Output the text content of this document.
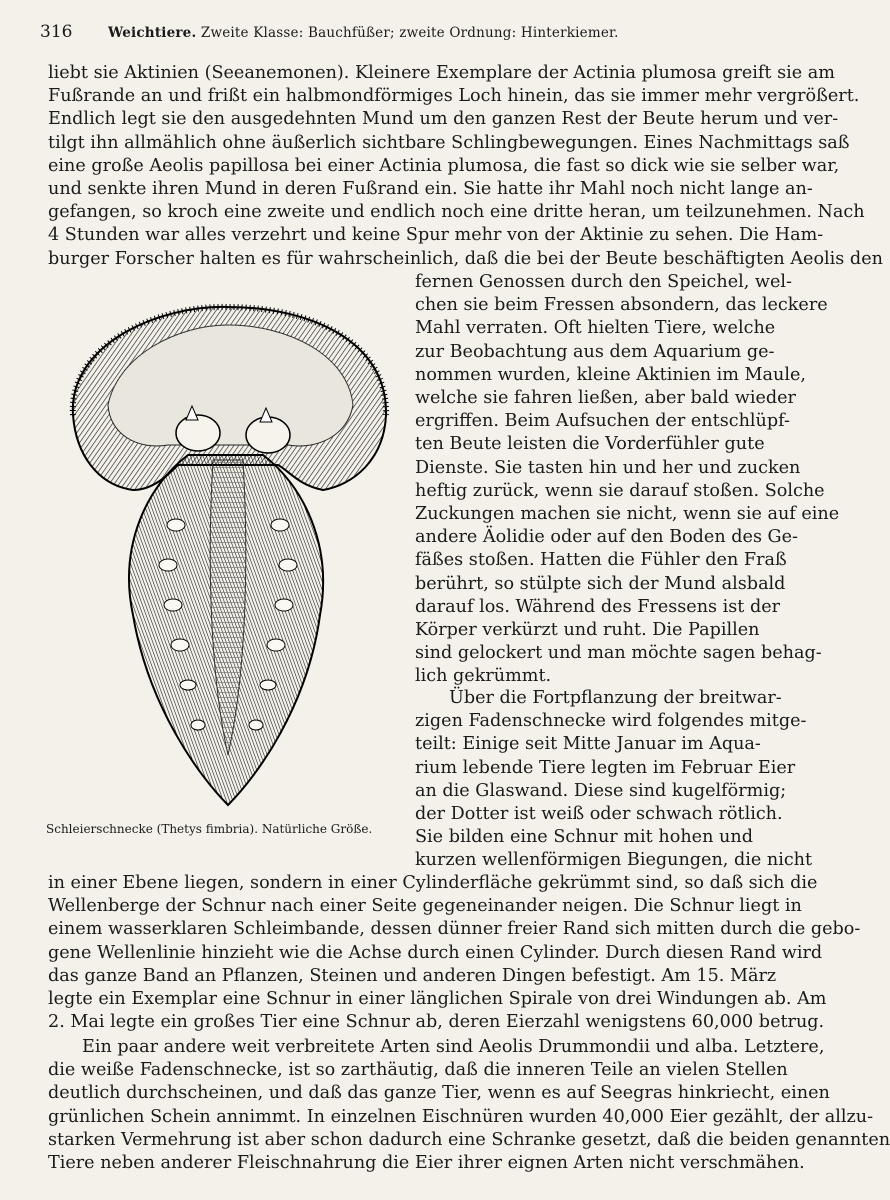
316	Weichtiere. Zweite Klasse: Bauchfüßer; zweite Ordnung: Hinterkiemer.
liebt sie Aktinien (Seeanemonen). Kleinere Exemplare der Actinia plumosa greift sie am
Fußrande an und frißt ein halbmondförmiges Loch hinein, das sie immer mehr vergrößert.
Endlich legt sie den ausgedehnten Mund um den ganzen Rest der Beute herum und ver-
tilgt ihn allmählich ohne äußerlich sichtbare Schlingbewegungen. Eines Nachmittags saß
eine große Aeolis papillosa bei einer Actinia plumosa, die fast so dick wie sie selber war,
und senkte ihren Mund in deren Fußrand ein. Sie hatte ihr Mahl noch nicht lange an-
gefangen, so kroch eine zweite und endlich noch eine dritte heran, um teilzunehmen. Nach
4 Stunden war alles verzehrt und keine Spur mehr von der Aktinie zu sehen. Die Ham-
burger Forscher halten es für wahrscheinlich, daß die bei der Beute beschäftigten Aeolis den
fernen Genossen durch den Speichel, wel-
chen sie beim Fressen absondern, das leckere
Mahl verraten. Oft hielten Tiere, welche
zur Beobachtung aus dem Aquarium ge-
nommen wurden, kleine Aktinien im Maule,
welche sie fahren ließen, aber bald wieder
ergriffen. Beim Aufsuchen der entschlüpf-
ten Beute leisten die Vorderfühler gute
Dienste. Sie tasten hin und her und zucken
heftig zurück, wenn sie darauf stoßen. Solche
Zuckungen machen sie nicht, wenn sie auf eine
andere Äolidie oder auf den Boden des Ge-
fäßes stoßen. Hatten die Fühler den Fraß
berührt, so stülpte sich der Mund alsbald
darauf los. Während des Fressens ist der
Körper verkürzt und ruht. Die Papillen
sind gelockert und man möchte sagen behag-
lich gekrümmt.
Über die Fortpflanzung der breitwar-
zigen Fadenschnecke wird folgendes mitge-
teilt: Einige seit Mitte Januar im Aqua-
rium lebende Tiere legten im Februar Eier
an die Glaswand. Diese sind kugelförmig;
der Dotter ist weiß oder schwach rötlich.
Sie bilden eine Schnur mit hohen und
kurzen wellenförmigen Biegungen, die nicht
Schleierschnecke (Thetys fimbria). Natürliche Größe.
in einer Ebene liegen, sondern in einer Cylinderfläche gekrümmt sind, so daß sich die
Wellenberge der Schnur nach einer Seite gegeneinander neigen. Die Schnur liegt in
einem wasserklaren Schleimbande, dessen dünner freier Rand sich mitten durch die gebo-
gene Wellenlinie hinzieht wie die Achse durch einen Cylinder. Durch diesen Rand wird
das ganze Band an Pflanzen, Steinen und anderen Dingen befestigt. Am 15. März
legte ein Exemplar eine Schnur in einer länglichen Spirale von drei Windungen ab. Am
2. Mai legte ein großes Tier eine Schnur ab, deren Eierzahl wenigstens 60,000 betrug.
Ein paar andere weit verbreitete Arten sind Aeolis Drummondii und alba. Letztere,
die weiße Fadenschnecke, ist so zarthäutig, daß die inneren Teile an vielen Stellen
deutlich durchscheinen, und daß das ganze Tier, wenn es auf Seegras hinkriecht, einen
grünlichen Schein annimmt. In einzelnen Eischnüren wurden 40,000 Eier gezählt, der allzu-
starken Vermehrung ist aber schon dadurch eine Schranke gesetzt, daß die beiden genannten
Tiere neben anderer Fleischnahrung die Eier ihrer eignen Arten nicht verschmähen.
